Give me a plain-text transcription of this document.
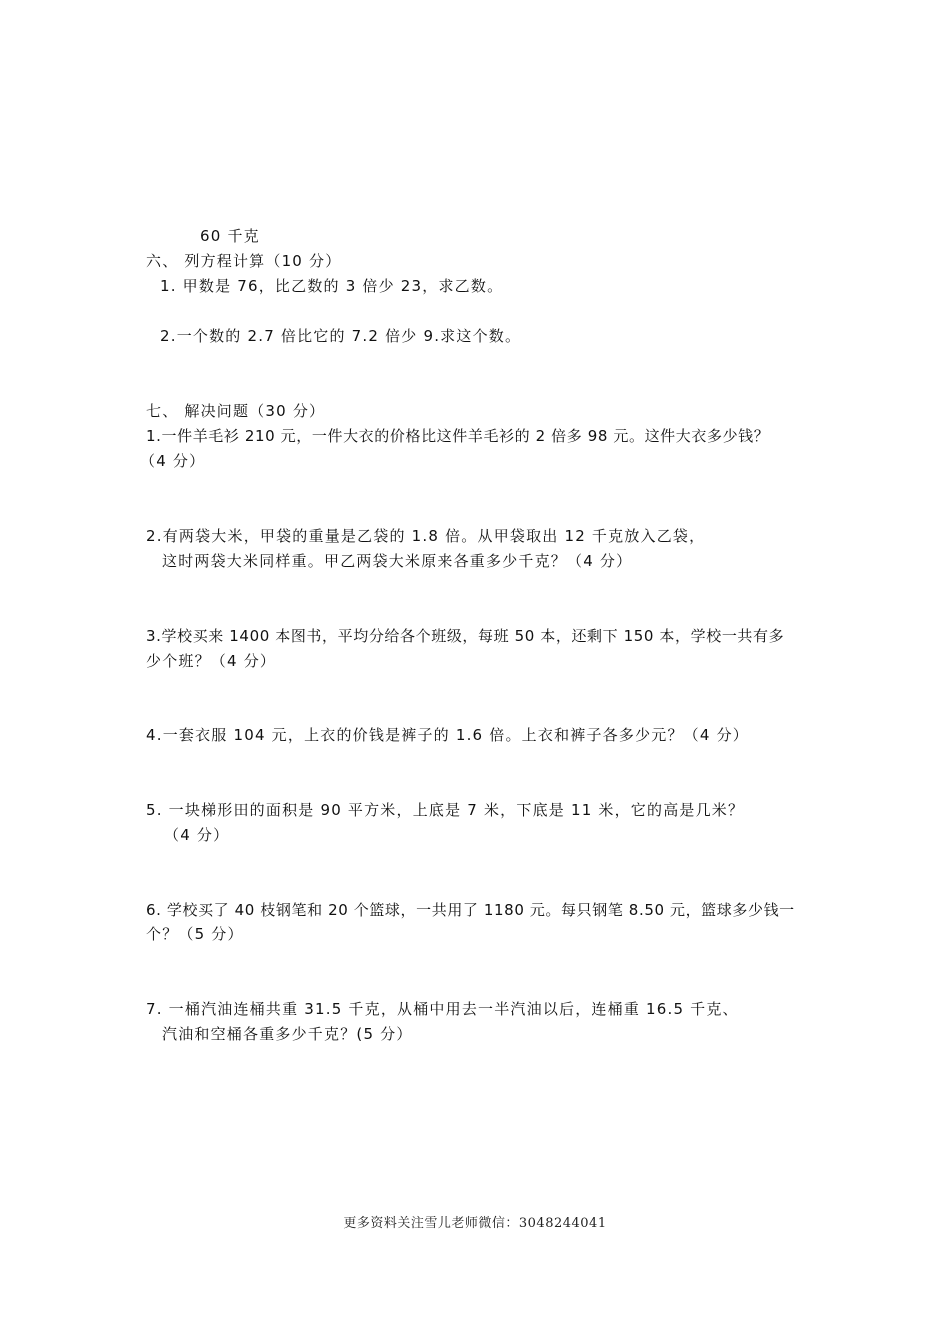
60 千克
六、 列方程计算（10 分）
1. 甲数是 76，比乙数的 3 倍少 23，求乙数。
2.一个数的 2.7 倍比它的 7.2 倍少 9.求这个数。
七、 解决问题（30 分）
1.一件羊毛衫 210 元，一件大衣的价格比这件羊毛衫的 2 倍多 98 元。这件大衣多少钱？
（4 分）
2.有两袋大米，甲袋的重量是乙袋的 1.8 倍。从甲袋取出 12 千克放入乙袋，
这时两袋大米同样重。甲乙两袋大米原来各重多少千克？（4 分）
3.学校买来 1400 本图书，平均分给各个班级，每班 50 本，还剩下 150 本，学校一共有多
少个班？（4 分）
4.一套衣服 104 元，上衣的价钱是裤子的 1.6 倍。上衣和裤子各多少元？（4 分）
5. 一块梯形田的面积是 90 平方米，上底是 7 米，下底是 11 米，它的高是几米？
（4 分）
6. 学校买了 40 枝钢笔和 20 个篮球，一共用了 1180 元。每只钢笔 8.50 元，篮球多少钱一
个？（5 分）
7. 一桶汽油连桶共重 31.5 千克，从桶中用去一半汽油以后，连桶重 16.5 千克、
汽油和空桶各重多少千克？(5 分）
更多资料关注雪儿老师微信：3048244041
